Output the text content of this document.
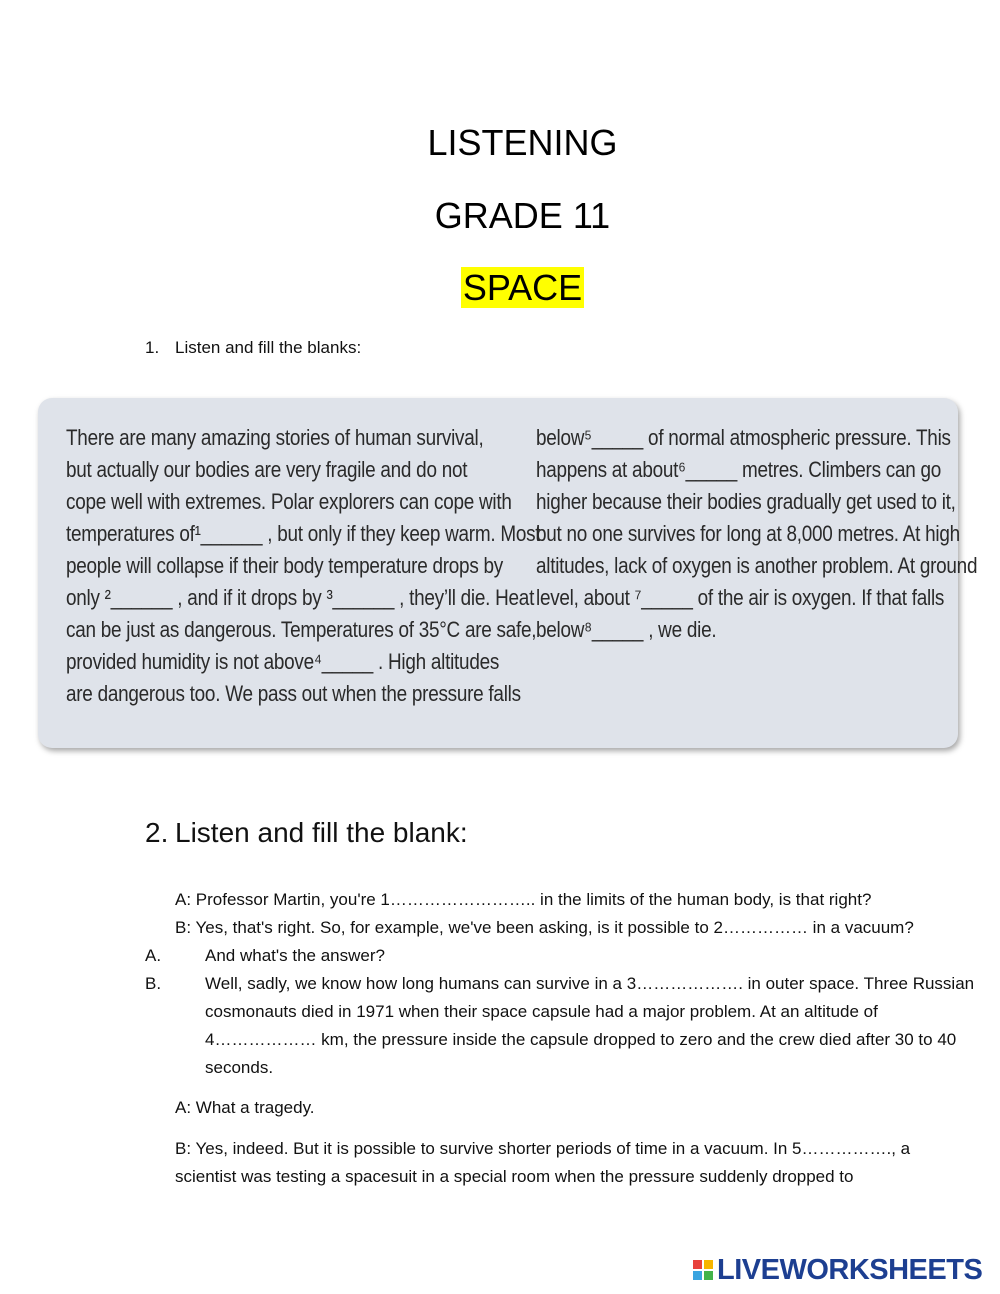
LISTENING
GRADE 11
SPACE
1. Listen and fill the blanks:
There are many amazing stories of human survival,
but actually our bodies are very fragile and do not
cope well with extremes. Polar explorers can cope with
temperatures of¹______ , but only if they keep warm. Most
people will collapse if their body temperature drops by
only ²______ , and if it drops by ³______ , they’ll die. Heat
can be just as dangerous. Temperatures of 35°C are safe,
provided humidity is not above⁴_____ . High altitudes
are dangerous too. We pass out when the pressure falls
below⁵_____ of normal atmospheric pressure. This
happens at about⁶_____ metres. Climbers can go
higher because their bodies gradually get used to it,
but no one survives for long at 8,000 metres. At high
altitudes, lack of oxygen is another problem. At ground
level, about ⁷_____ of the air is oxygen. If that falls
below⁸_____ , we die.
2. Listen and fill the blank:
A: Professor Martin, you're 1…………………….. in the limits of the human body, is that right?
B: Yes, that's right. So, for example, we've been asking, is it possible to 2…………… in a vacuum?
A.	And what's the answer?
B.	Well, sadly, we know how long humans can survive in a 3………………. in outer space. Three Russian cosmonauts died in 1971 when their space capsule had a major problem. At an altitude of 4……………… km, the pressure inside the capsule dropped to zero and the crew died after 30 to 40 seconds.
A: What a tragedy.
B: Yes, indeed. But it is possible to survive shorter periods of time in a vacuum. In 5……………., a scientist was testing a spacesuit in a special room when the pressure suddenly dropped to
LIVEWORKSHEETS
